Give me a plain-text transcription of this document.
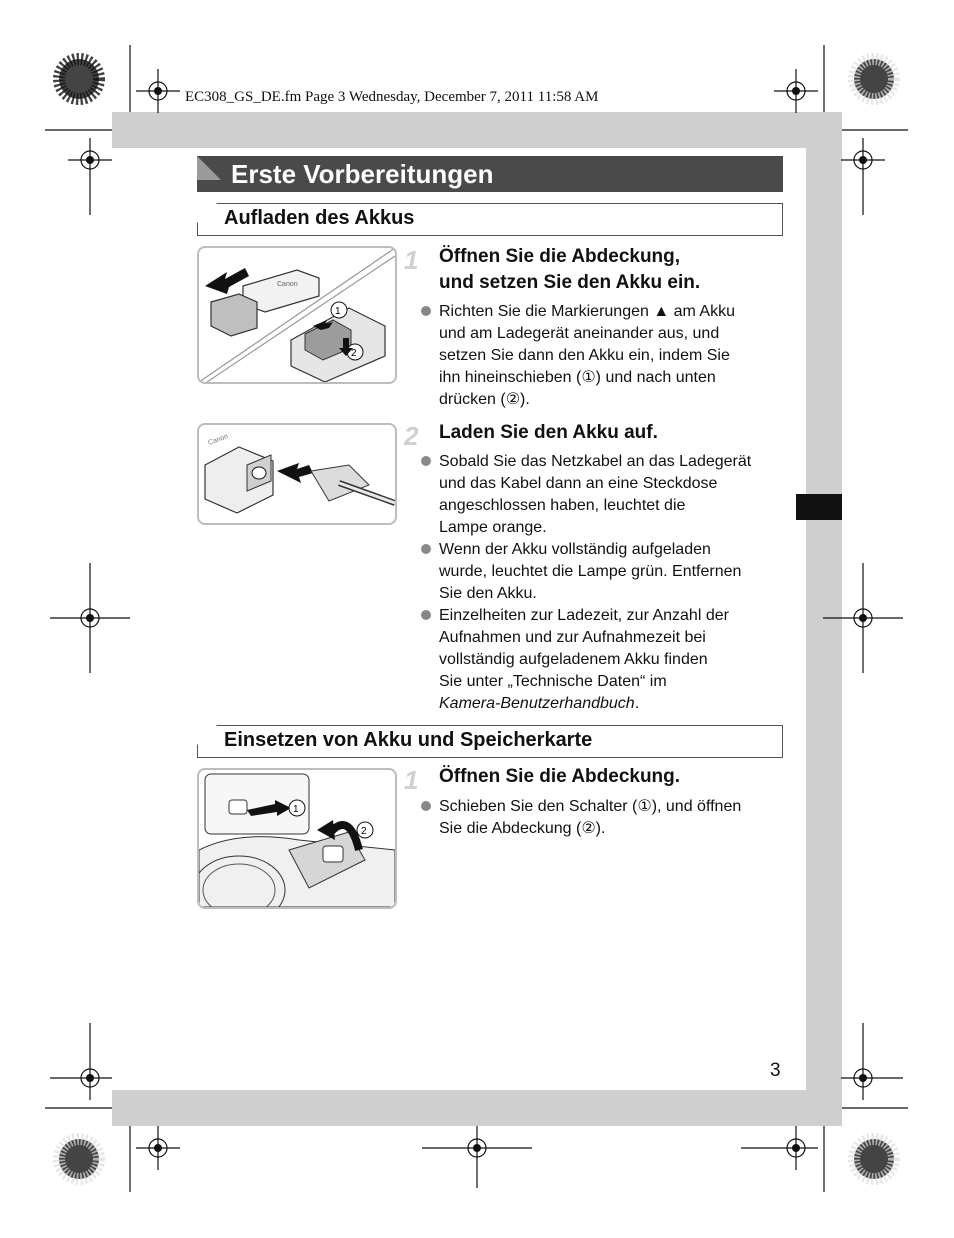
EC308_GS_DE.fm Page 3 Wednesday, December 7, 2011 11:58 AM
Erste Vorbereitungen
Aufladen des Akkus
Canon
1
2
1 Öffnen Sie die Abdeckung,
und setzen Sie den Akku ein.
Richten Sie die Markierungen ▲ am Akku
und am Ladegerät aneinander aus, und
setzen Sie dann den Akku ein, indem Sie
ihn hineinschieben (①) und nach unten
drücken (②).
Canon	2 Laden Sie den Akku auf.
Sobald Sie das Netzkabel an das Ladegerät
und das Kabel dann an eine Steckdose
angeschlossen haben, leuchtet die
Lampe orange.
Wenn der Akku vollständig aufgeladen
wurde, leuchtet die Lampe grün. Entfernen
Sie den Akku.
Einzelheiten zur Ladezeit, zur Anzahl der
Aufnahmen und zur Aufnahmezeit bei
vollständig aufgeladenem Akku finden
Sie unter „Technische Daten“ im
Kamera-Benutzerhandbuch.
Einsetzen von Akku und Speicherkarte
1
2
1 Öffnen Sie die Abdeckung.
Schieben Sie den Schalter (①), und öffnen
Sie die Abdeckung (②).
3
